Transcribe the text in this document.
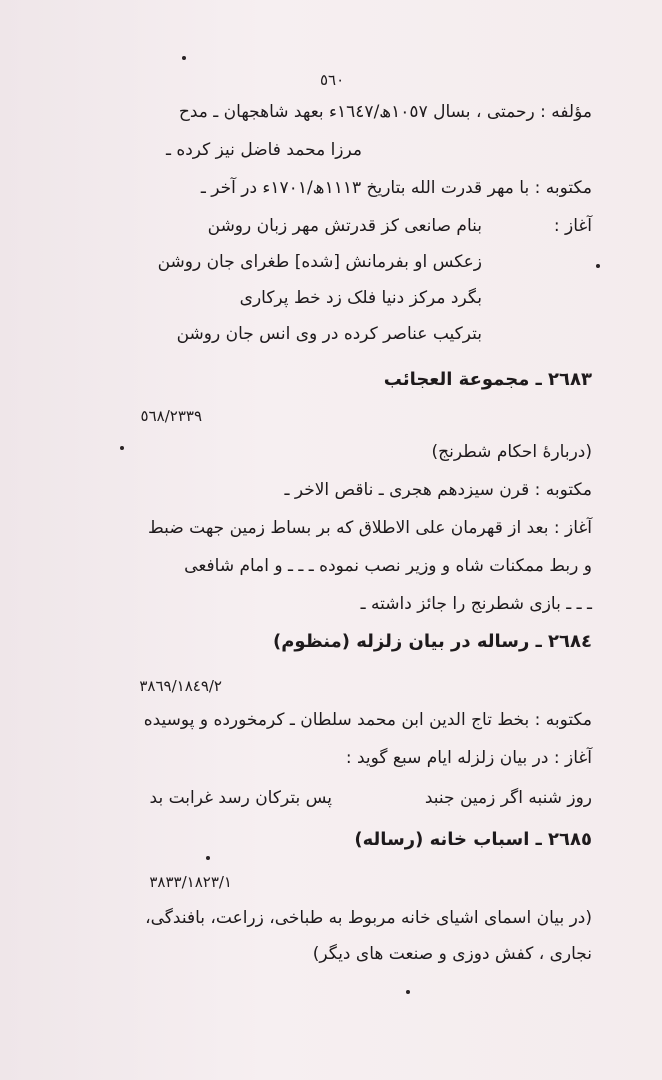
٥٦٠
مؤلفه : رحمتی ، بسال ١٠٥٧ھ/١٦٤٧ء بعهد شاهجهان ـ مدح
مرزا محمد فاضل نیز کرده ـ
مکتوبه : با مهر قدرت الله بتاریخ ١١١٣ھ/١٧٠١ء در آخر ـ
آغاز :
بنام صانعی کز قدرتش مهر زبان روشن
زعکس او بفرمانش [شده] طغرای جان روشن
بگرد مرکز دنیا فلک زد خط پرکاری
بترکیب عناصر کرده در وی انس جان روشن
٢٦٨٣ ـ مجموعة العجائب
٥٦٨/٢٣٣٩
(دربارۀ احکام شطرنج)
مکتوبه : قرن سیزدهم هجری ـ ناقص الاخر ـ
آغاز : بعد از قهرمان علی الاطلاق که بر بساط زمین جهت ضبط
و ربط ممکنات شاه و وزیر نصب نموده ـ ـ ـ و امام شافعی
ـ ـ ـ بازی شطرنج را جائز داشته ـ
٢٦٨٤ ـ رساله در بیان زلزله (منظوم)
٣٨٦٩/١٨٤٩/٢
مکتوبه : بخط تاج الدین ابن محمد سلطان ـ کرمخورده و پوسیده
آغاز : در بیان زلزله ایام سبع گوید :
روز شنبه اگر زمین جنبد
پس بترکان رسد غرابت بد
٢٦٨٥ ـ اسباب خانه (رساله)
٣٨٣٣/١٨٢٣/١
(در بیان اسمای اشیای خانه مربوط به طباخی، زراعت، بافندگی،
نجاری ، کفش دوزی و صنعت های دیگر)
